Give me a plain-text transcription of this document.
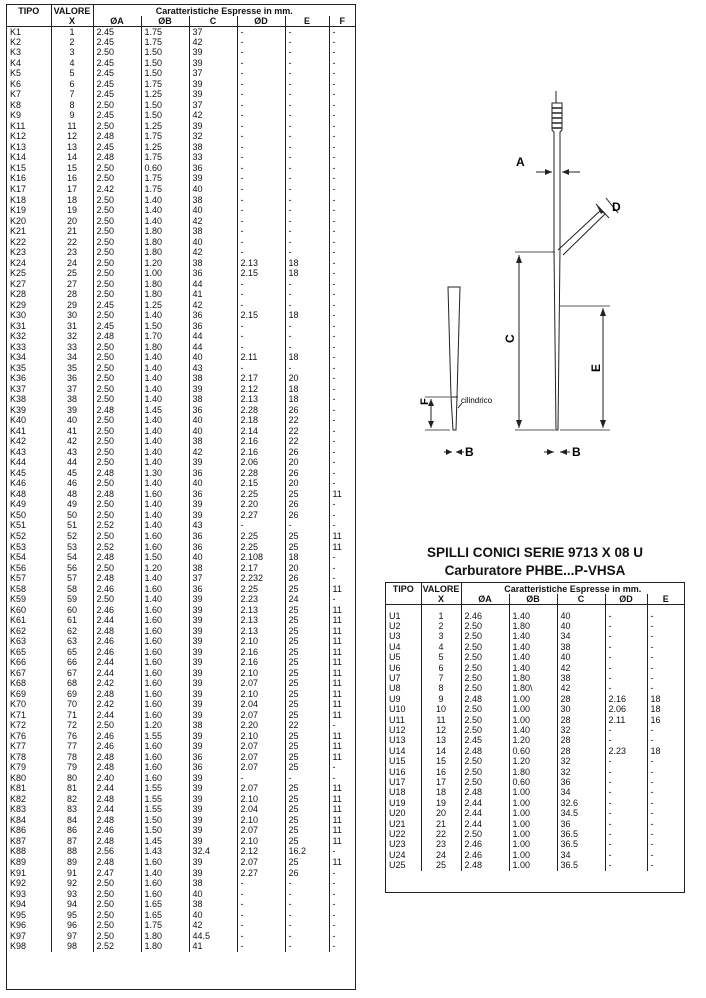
TIPO	VALORE	Caratteristiche Espresse in mm.					
	X	ØA	ØB	C	ØD	E	F
K1	1	2.45	1.75	37	-	-	-
K2	2	2.45	1.75	42	-	-	-
K3	3	2.50	1.50	39	-	-	-
K4	4	2.45	1.50	39	-	-	-
K5	5	2.45	1.50	37	-	-	-
K6	6	2.45	1.75	39	-	-	-
K7	7	2.45	1.25	39	-	-	-
K8	8	2.50	1.50	37	-	-	-
K9	9	2.45	1.50	42	-	-	-
K11	11	2.50	1.25	39	-	-	-
K12	12	2.48	1.75	32	-	-	-
K13	13	2.45	1.25	38	-	-	-
K14	14	2.48	1.75	33	-	-	-
K15	15	2.50	0.60	36	-	-	-
K16	16	2.50	1.75	39	-	-	-
K17	17	2.42	1.75	40	-	-	-
K18	18	2.50	1.40	38	-	-	-
K19	19	2.50	1.40	40	-	-	-
K20	20	2.50	1.40	42	-	-	-
K21	21	2.50	1.80	38	-	-	-
K22	22	2.50	1.80	40	-	-	-
K23	23	2.50	1.80	42	-	-	-
K24	24	2.50	1.20	38	2.13	18	-
K25	25	2.50	1.00	36	2.15	18	-
K27	27	2.50	1.80	44	-	-	-
K28	28	2.50	1.80	41	-	-	-
K29	29	2.45	1.25	42	-	-	-
K30	30	2.50	1.40	36	2.15	18	-
K31	31	2.45	1.50	36	-	-	-
K32	32	2.48	1.70	44	-	-	-
K33	33	2.50	1.80	44	-	-	-
K34	34	2.50	1.40	40	2.11	18	-
K35	35	2.50	1.40	43	-	-	-
K36	36	2.50	1.40	38	2.17	20	-
K37	37	2.50	1.40	39	2.12	18	-
K38	38	2.50	1.40	38	2.13	18	-
K39	39	2.48	1.45	36	2.28	26	-
K40	40	2.50	1.40	40	2.18	22	-
K41	41	2.50	1.40	40	2.14	22	-
K42	42	2.50	1.40	38	2.16	22	-
K43	43	2.50	1.40	42	2.16	26	-
K44	44	2.50	1.40	39	2.06	20	-
K45	45	2.48	1.30	36	2.28	26	-
K46	46	2.50	1.40	40	2.15	20	-
K48	48	2.48	1.60	36	2.25	25	11
K49	49	2.50	1.40	39	2.20	26	-
K50	50	2.50	1.40	39	2.27	26	-
K51	51	2.52	1.40	43	-	-	-
K52	52	2.50	1.60	36	2.25	25	11
K53	53	2.52	1.60	36	2.25	25	11
K54	54	2.48	1.50	40	2.108	18	-
K56	56	2.50	1.20	38	2.17	20	-
K57	57	2.48	1.40	37	2.232	26	-
K58	58	2.46	1.60	36	2.25	25	11
K59	59	2.50	1.40	39	2.23	24	-
K60	60	2.46	1.60	39	2.13	25	11
K61	61	2.44	1.60	39	2.13	25	11
K62	62	2.48	1.60	39	2.13	25	11
K63	63	2.46	1.60	39	2.10	25	11
K65	65	2.46	1.60	39	2.16	25	11
K66	66	2.44	1.60	39	2.16	25	11
K67	67	2.44	1.60	39	2.10	25	11
K68	68	2.42	1.60	39	2.07	25	11
K69	69	2.48	1.60	39	2.10	25	11
K70	70	2.42	1.60	39	2.04	25	11
K71	71	2.44	1.60	39	2.07	25	11
K72	72	2.50	1.20	38	2.20	22	-
K76	76	2.46	1.55	39	2.10	25	11
K77	77	2.46	1.60	39	2.07	25	11
K78	78	2.48	1.60	36	2.07	25	11
K79	79	2.48	1.60	36	2.07	25	-
K80	80	2.40	1.60	39	-	-	-
K81	81	2.44	1.55	39	2.07	25	11
K82	82	2.48	1.55	39	2.10	25	11
K83	83	2.44	1.55	39	2.04	25	11
K84	84	2.48	1.50	39	2.10	25	11
K86	86	2.46	1.50	39	2.07	25	11
K87	87	2.48	1.45	39	2.10	25	11
K88	88	2.56	1.43	32.4	2.12	16.2	-
K89	89	2.48	1.60	39	2.07	25	11
K91	91	2.47	1.40	39	2.27	26	-
K92	92	2.50	1.60	38	-	-	-
K93	93	2.50	1.60	40	-	-	-
K94	94	2.50	1.65	38	-	-	-
K95	95	2.50	1.65	40	-	-	-
K96	96	2.50	1.75	42	-	-	-
K97	97	2.50	1.80	44.5	-	-	-
K98	98	2.52	1.80	41	-	-	-
A
D
C
E
F	cilindrico
B
B
SPILLI CONICI SERIE 9713 X 08 U
Carburatore PHBE...P-VHSA
TIPO	VALORE	Caratteristiche Espresse in mm.				
	X	ØA	ØB	C	ØD	E

U1	1	2.46	1.40	40	-	-
U2	2	2.50	1.80	40	-	-
U3	3	2.50	1.40	34	-	-
U4	4	2.50	1.40	38	-	-
U5	5	2.50	1.40	40	-	-
U6	6	2.50	1.40	42	-	-
U7	7	2.50	1.80	38	-	-
U8	8	2.50	1.80\	42	-	-
U9	9	2.48	1.00	28	2.16	18
U10	10	2.50	1.00	30	2.06	18
U11	11	2.50	1.00	28	2.11	16
U12	12	2.50	1.40	32	-	-
U13	13	2.45	1.20	28	-	-
U14	14	2.48	0.60	28	2.23	18
U15	15	2.50	1.20	32	-	-
U16	16	2.50	1.80	32	-	-
U17	17	2.50	0.60	36	-	-
U18	18	2.48	1.00	34	-	-
U19	19	2.44	1.00	32.6	-	-
U20	20	2.44	1.00	34.5	-	-
U21	21	2.44	1.00	36	-	-
U22	22	2.50	1.00	36.5	-	-
U23	23	2.46	1.00	36.5	-	-
U24	24	2.46	1.00	34	-	-
U25	25	2.48	1.00	36.5	-	-
